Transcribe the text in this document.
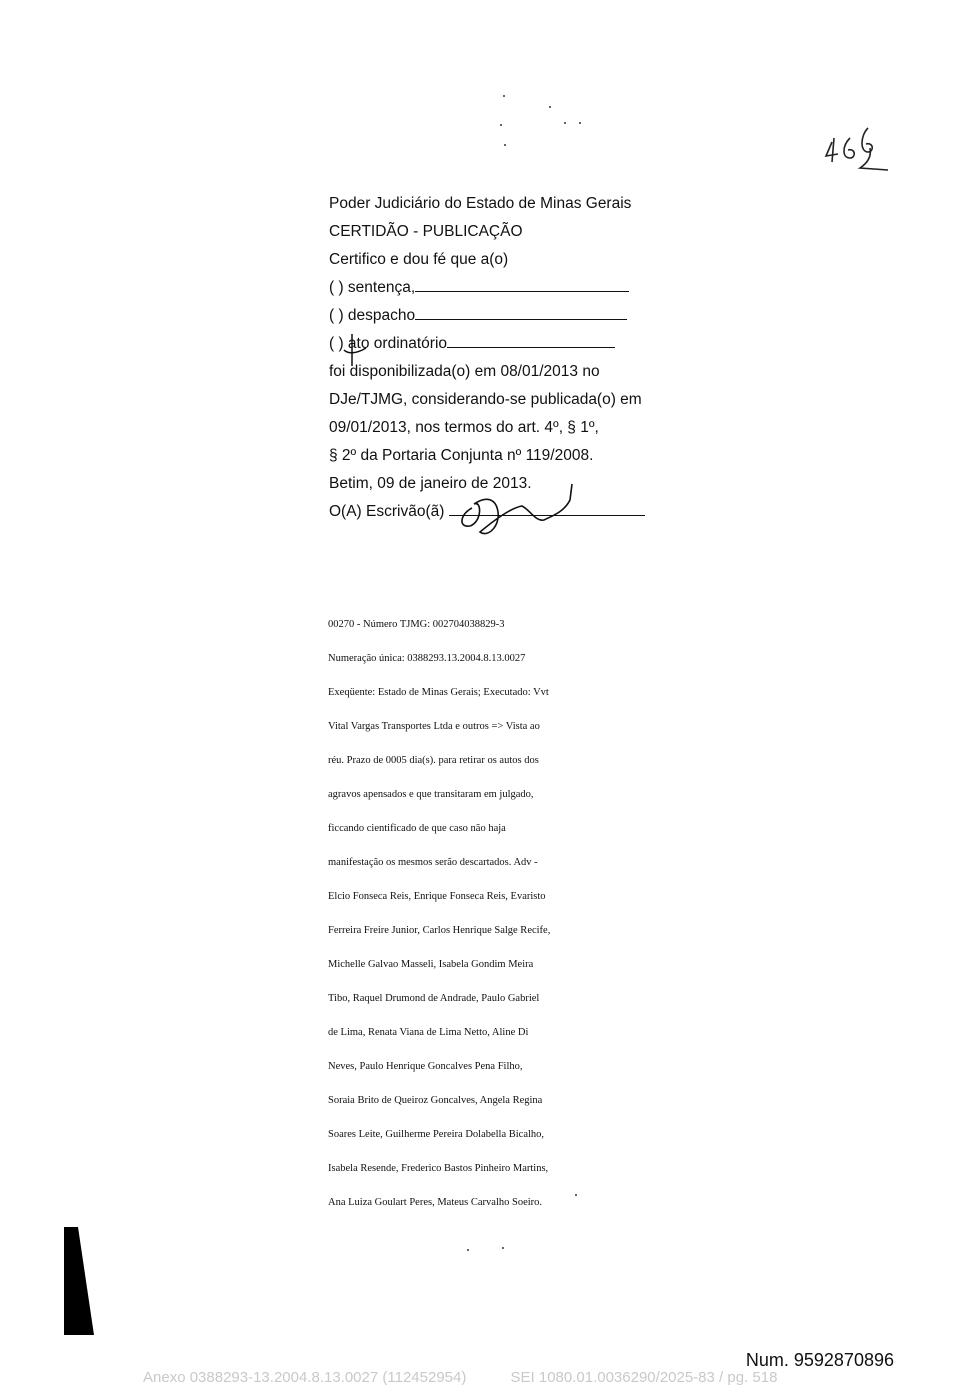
Poder Judiciário do Estado de Minas Gerais
CERTIDÃO - PUBLICAÇÃO
Certifico e dou fé que a(o)
( ) sentença,
( ) despacho
( ) ato ordinatório
foi disponibilizada(o) em 08/01/2013 no
DJe/TJMG, considerando-se publicada(o) em
09/01/2013, nos termos do art. 4º, § 1º,
§ 2º da Portaria Conjunta nº 119/2008.
Betim, 09 de janeiro de 2013.
O(A) Escrivão(ã)
00270 - Número TJMG: 002704038829-3
Numeração única: 0388293.13.2004.8.13.0027
Exeqüente: Estado de Minas Gerais; Executado: Vvt
Vital Vargas Transportes Ltda e outros => Vista ao
réu. Prazo de 0005 dia(s). para retirar os autos dos
agravos apensados e que transitaram em julgado,
ficcando cientificado de que caso não haja
manifestação os mesmos serão descartados. Adv -
Elcio Fonseca Reis, Enrique Fonseca Reis, Evaristo
Ferreira Freire Junior, Carlos Henrique Salge Recife,
Michelle Galvao Masseli, Isabela Gondim Meira
Tibo, Raquel Drumond de Andrade, Paulo Gabriel
de Lima, Renata Viana de Lima Netto, Aline Di
Neves, Paulo Henrique Goncalves Pena Filho,
Soraia Brito de Queiroz Goncalves, Angela Regina
Soares Leite, Guilherme Pereira Dolabella Bicalho,
Isabela Resende, Frederico Bastos Pinheiro Martins,
Ana Luiza Goulart Peres, Mateus Carvalho Soeiro.
Num. 9592870896
Anexo 0388293-13.2004.8.13.0027 (112452954)	SEI 1080.01.0036290/2025-83 / pg. 518
